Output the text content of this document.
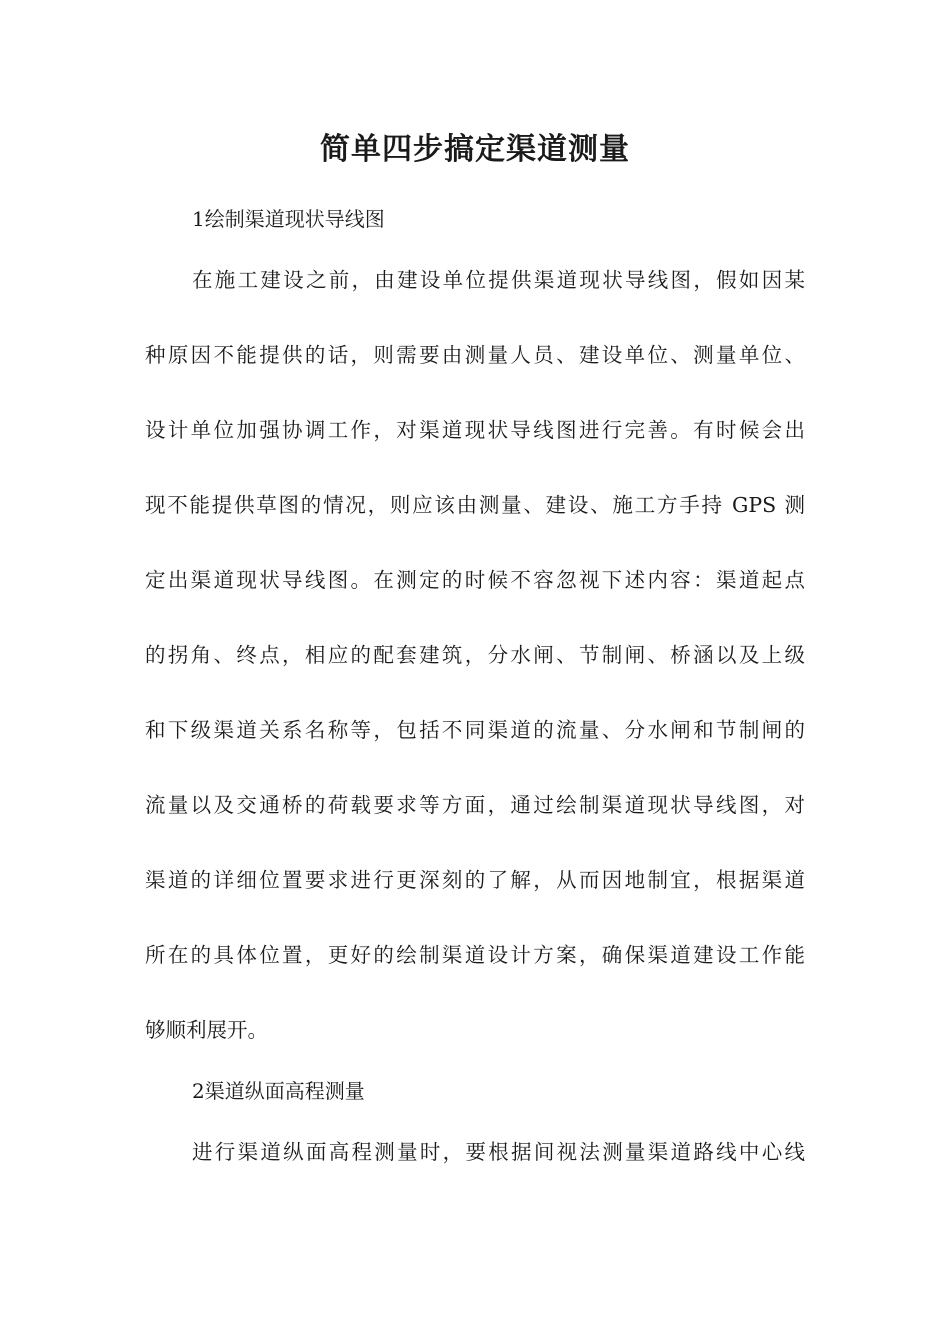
简单四步搞定渠道测量
1绘制渠道现状导线图
在施工建设之前，由建设单位提供渠道现状导线图，假如因某
种原因不能提供的话，则需要由测量人员、建设单位、测量单位、
设计单位加强协调工作，对渠道现状导线图进行完善。有时候会出
现不能提供草图的情况，则应该由测量、建设、施工方手持 GPS 测
定出渠道现状导线图。在测定的时候不容忽视下述内容：渠道起点
的拐角、终点，相应的配套建筑，分水闸、节制闸、桥涵以及上级
和下级渠道关系名称等，包括不同渠道的流量、分水闸和节制闸的
流量以及交通桥的荷载要求等方面，通过绘制渠道现状导线图，对
渠道的详细位置要求进行更深刻的了解，从而因地制宜，根据渠道
所在的具体位置，更好的绘制渠道设计方案，确保渠道建设工作能
够顺利展开。
2渠道纵面高程测量
进行渠道纵面高程测量时，要根据间视法测量渠道路线中心线
